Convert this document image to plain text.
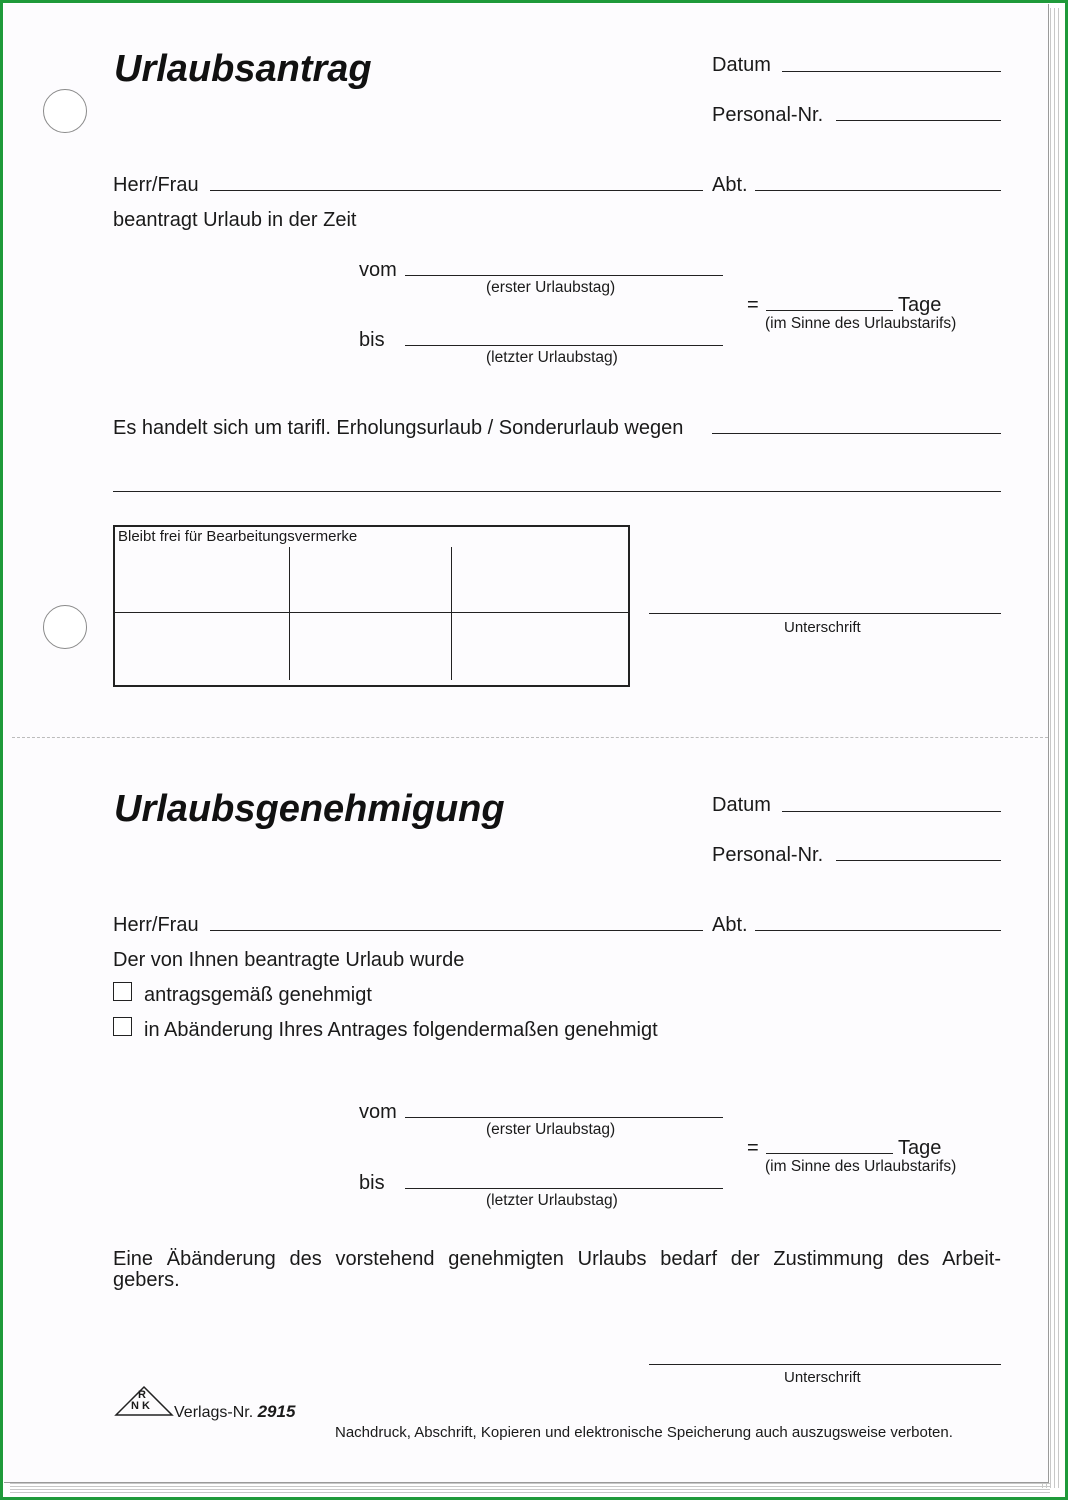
Urlaubsantrag	Datum
Personal-Nr.
Herr/Frau	Abt.
beantragt Urlaub in der Zeit
vom
(erster Urlaubstag)
=	Tage
(im Sinne des Urlaubstarifs)
bis
(letzter Urlaubstag)
Es handelt sich um tarifl. Erholungsurlaub / Sonderurlaub wegen
Bleibt frei für Bearbeitungsvermerke
Unterschrift
Urlaubsgenehmigung	Datum
Personal-Nr.
Herr/Frau	Abt.
Der von Ihnen beantragte Urlaub wurde
antragsgemäß genehmigt
in Abänderung Ihres Antrages folgendermaßen genehmigt
vom
(erster Urlaubstag)
=	Tage
(im Sinne des Urlaubstarifs)
bis
(letzter Urlaubstag)
Eine Äbänderung des vorstehend genehmigten Urlaubs bedarf der Zustimmung des Arbeit-
gebers.
Unterschrift
R
NK Verlags-Nr. 2915
Nachdruck, Abschrift, Kopieren und elektronische Speicherung auch auszugsweise verboten.
